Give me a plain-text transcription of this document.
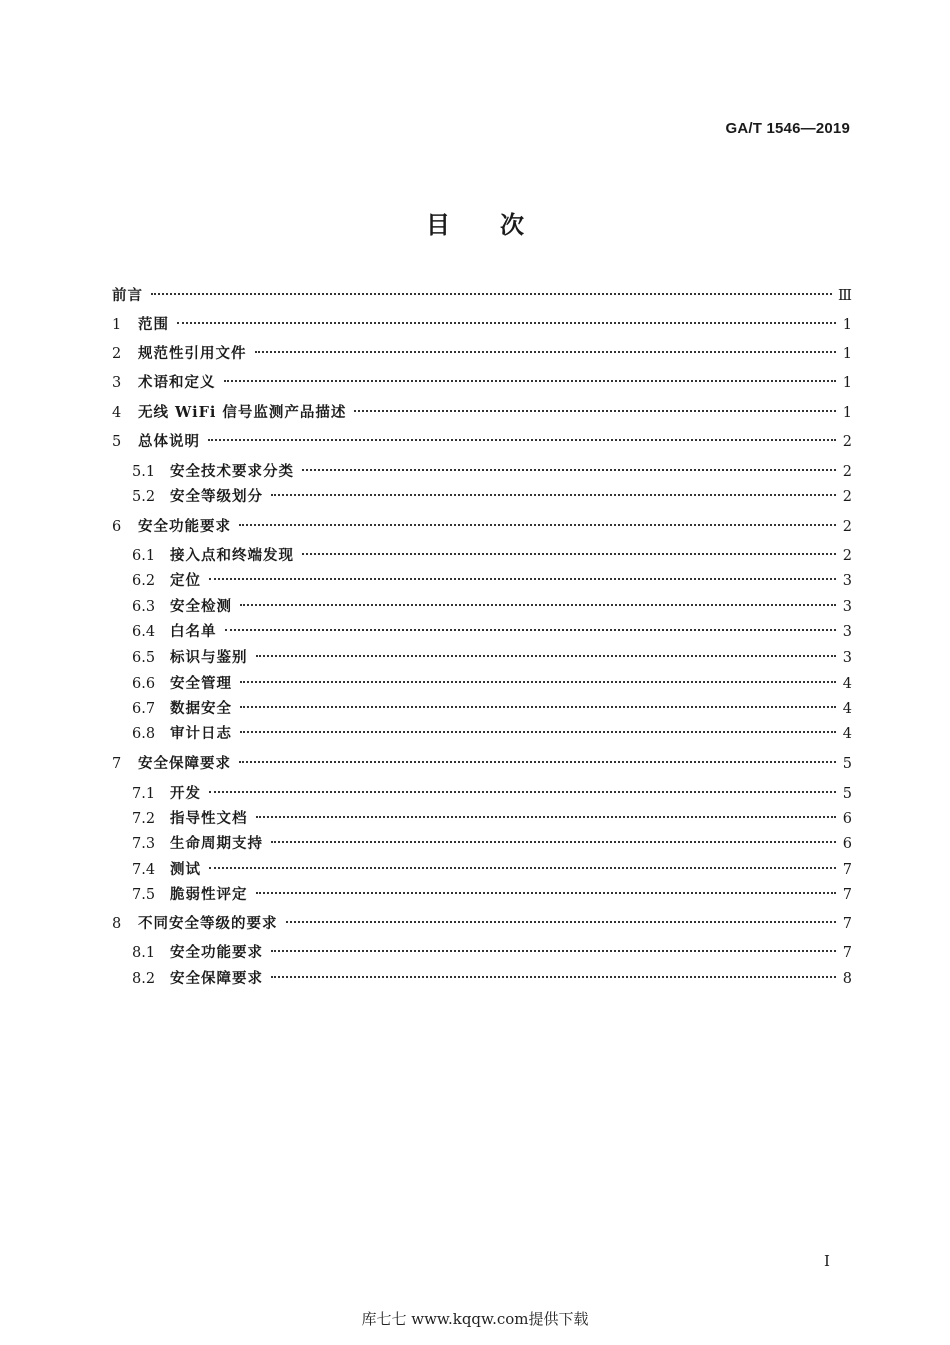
GA/T 1546—2019
目 次
前言	Ⅲ
1	范围	1
2	规范性引用文件	1
3	术语和定义	1
4	无线 WiFi 信号监测产品描述	1
5	总体说明	2
5.1	安全技术要求分类	2
5.2	安全等级划分	2
6	安全功能要求	2
6.1	接入点和终端发现	2
6.2	定位	3
6.3	安全检测	3
6.4	白名单	3
6.5	标识与鉴别	3
6.6	安全管理	4
6.7	数据安全	4
6.8	审计日志	4
7	安全保障要求	5
7.1	开发	5
7.2	指导性文档	6
7.3	生命周期支持	6
7.4	测试	7
7.5	脆弱性评定	7
8	不同安全等级的要求	7
8.1	安全功能要求	7
8.2	安全保障要求	8
I
库七七 www.kqqw.com提供下载
